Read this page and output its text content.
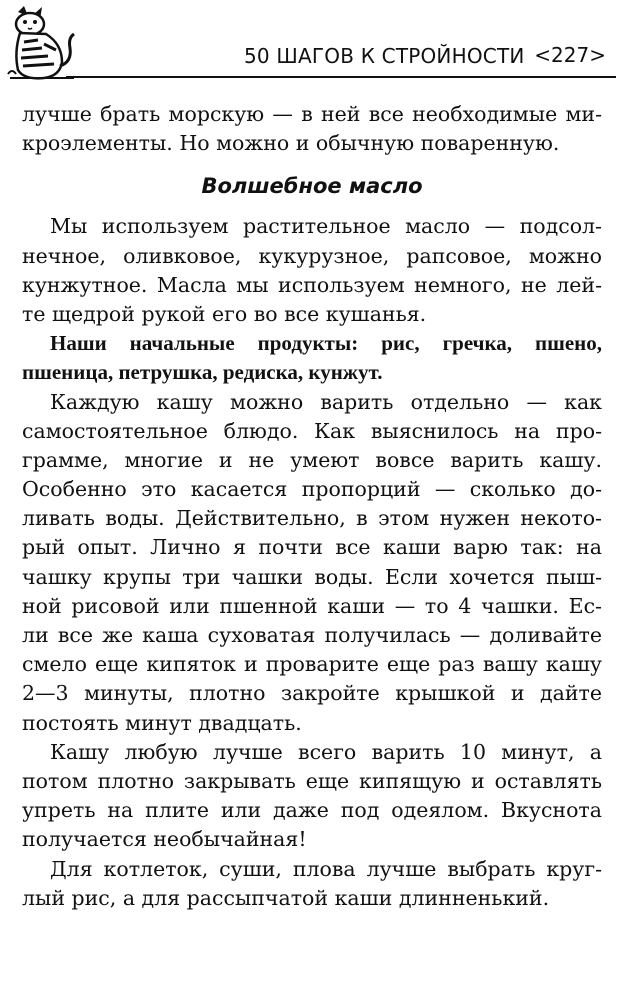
50 ШАГОВ К СТРОЙНОСТИ <227>
лучше брать морскую — в ней все необходимые ми-
кроэлементы. Но можно и обычную поваренную.
Волшебное масло
Мы используем растительное масло — подсол-
нечное, оливковое, кукурузное, рапсовое, можно
кунжутное. Масла мы используем немного, не лей-
те щедрой рукой его во все кушанья.
Наши начальные продукты: рис, гречка, пшено,
пшеница, петрушка, редиска, кунжут.
Каждую кашу можно варить отдельно — как
самостоятельное блюдо. Как выяснилось на про-
грамме, многие и не умеют вовсе варить кашу.
Особенно это касается пропорций — сколько до-
ливать воды. Действительно, в этом нужен некото-
рый опыт. Лично я почти все каши варю так: на
чашку крупы три чашки воды. Если хочется пыш-
ной рисовой или пшенной каши — то 4 чашки. Ес-
ли все же каша суховатая получилась — доливайте
смело еще кипяток и проварите еще раз вашу кашу
2—3 минуты, плотно закройте крышкой и дайте
постоять минут двадцать.
Кашу любую лучше всего варить 10 минут, а
потом плотно закрывать еще кипящую и оставлять
упреть на плите или даже под одеялом. Вкуснота
получается необычайная!
Для котлеток, суши, плова лучше выбрать круг-
лый рис, а для рассыпчатой каши длинненький.
